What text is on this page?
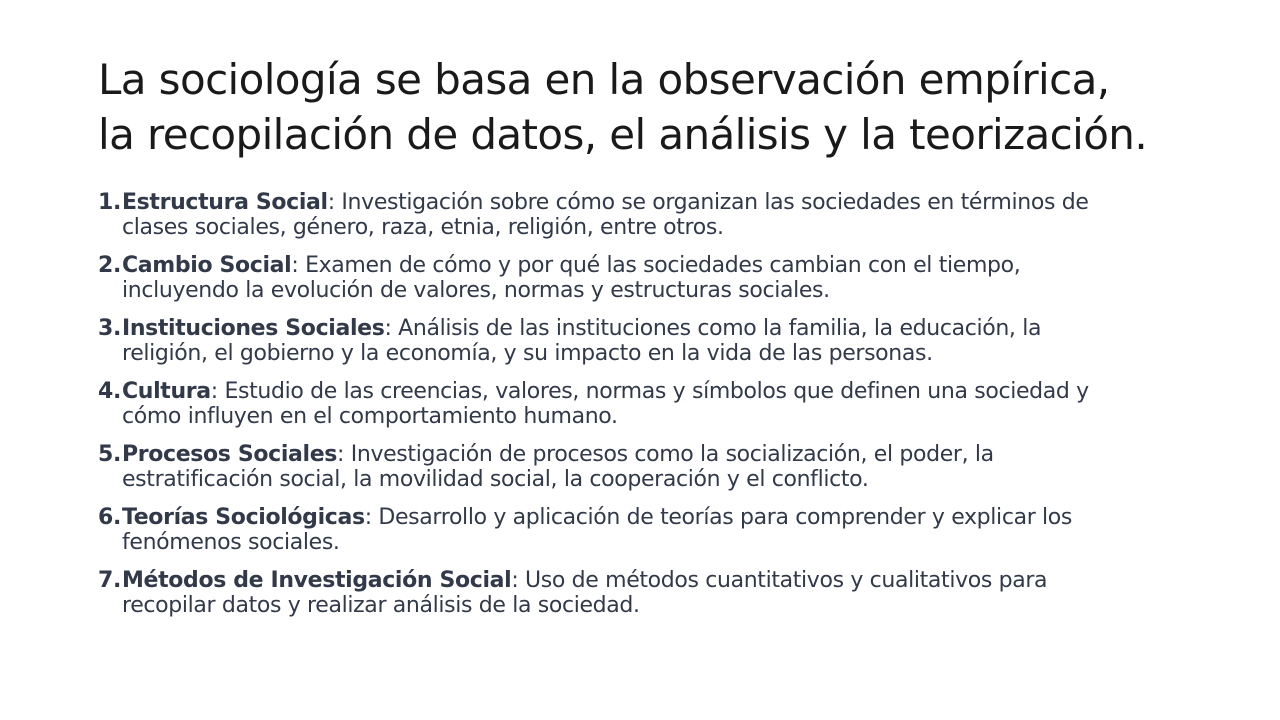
La sociología se basa en la observación empírica,
la recopilación de datos, el análisis y la teorización.
1. Estructura Social: Investigación sobre cómo se organizan las sociedades en términos de
clases sociales, género, raza, etnia, religión, entre otros.
2. Cambio Social: Examen de cómo y por qué las sociedades cambian con el tiempo,
incluyendo la evolución de valores, normas y estructuras sociales.
3. Instituciones Sociales: Análisis de las instituciones como la familia, la educación, la
religión, el gobierno y la economía, y su impacto en la vida de las personas.
4. Cultura: Estudio de las creencias, valores, normas y símbolos que definen una sociedad y
cómo influyen en el comportamiento humano.
5. Procesos Sociales: Investigación de procesos como la socialización, el poder, la
estratificación social, la movilidad social, la cooperación y el conflicto.
6. Teorías Sociológicas: Desarrollo y aplicación de teorías para comprender y explicar los
fenómenos sociales.
7. Métodos de Investigación Social: Uso de métodos cuantitativos y cualitativos para
recopilar datos y realizar análisis de la sociedad.
